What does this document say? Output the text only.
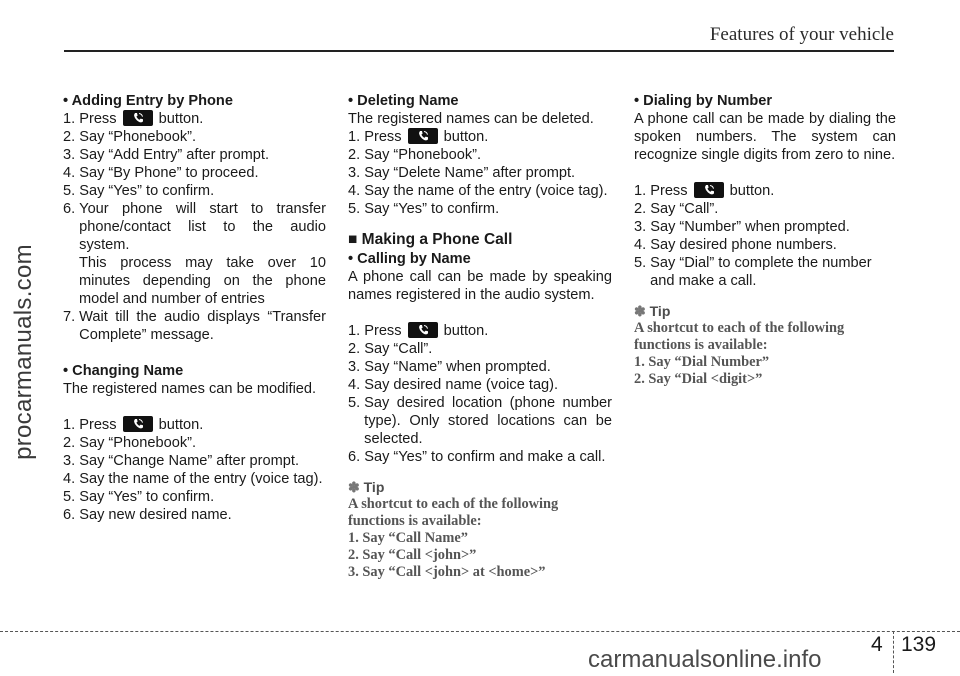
Features of your vehicle
procarmanuals.com
• Adding Entry by Phone
1. Press	button.
2. Say “Phonebook”.
3. Say “Add Entry” after prompt.
4. Say “By Phone” to proceed.
5. Say “Yes” to confirm.
6. Your phone will start to transfer phone/contact list to the audio system.
This process may take over 10 minutes depending on the phone model and number of entries
7. Wait till the audio displays “Transfer Complete” message.
• Changing Name
The registered names can be modified.
1. Press	button.
2. Say “Phonebook”.
3. Say “Change Name” after prompt.
4. Say the name of the entry (voice tag).
5. Say “Yes” to confirm.
6. Say new desired name.
• Deleting Name
The registered names can be deleted.
1. Press	button.
2. Say “Phonebook”.
3. Say “Delete Name” after prompt.
4. Say the name of the entry (voice tag).
5. Say “Yes” to confirm.
■ Making a Phone Call
• Calling by Name
A phone call can be made by speaking names registered in the audio system.
1. Press	button.
2. Say “Call”.
3. Say “Name” when prompted.
4. Say desired name (voice tag).
5. Say desired location (phone number type). Only stored locations can be selected.
6. Say “Yes” to confirm and make a call.
✽ Tip
A shortcut to each of the following functions is available:
1. Say “Call Name”
2. Say “Call <john>”
3. Say “Call <john> at <home>”
• Dialing by Number
A phone call can be made by dialing the spoken numbers. The system can recognize single digits from zero to nine.
1. Press	button.
2. Say “Call”.
3. Say “Number” when prompted.
4. Say desired phone numbers.
5. Say “Dial” to complete the number and make a call.
✽ Tip
A shortcut to each of the following functions is available:
1. Say “Dial Number”
2. Say “Dial <digit>”
4 139
carmanualsonline.info
